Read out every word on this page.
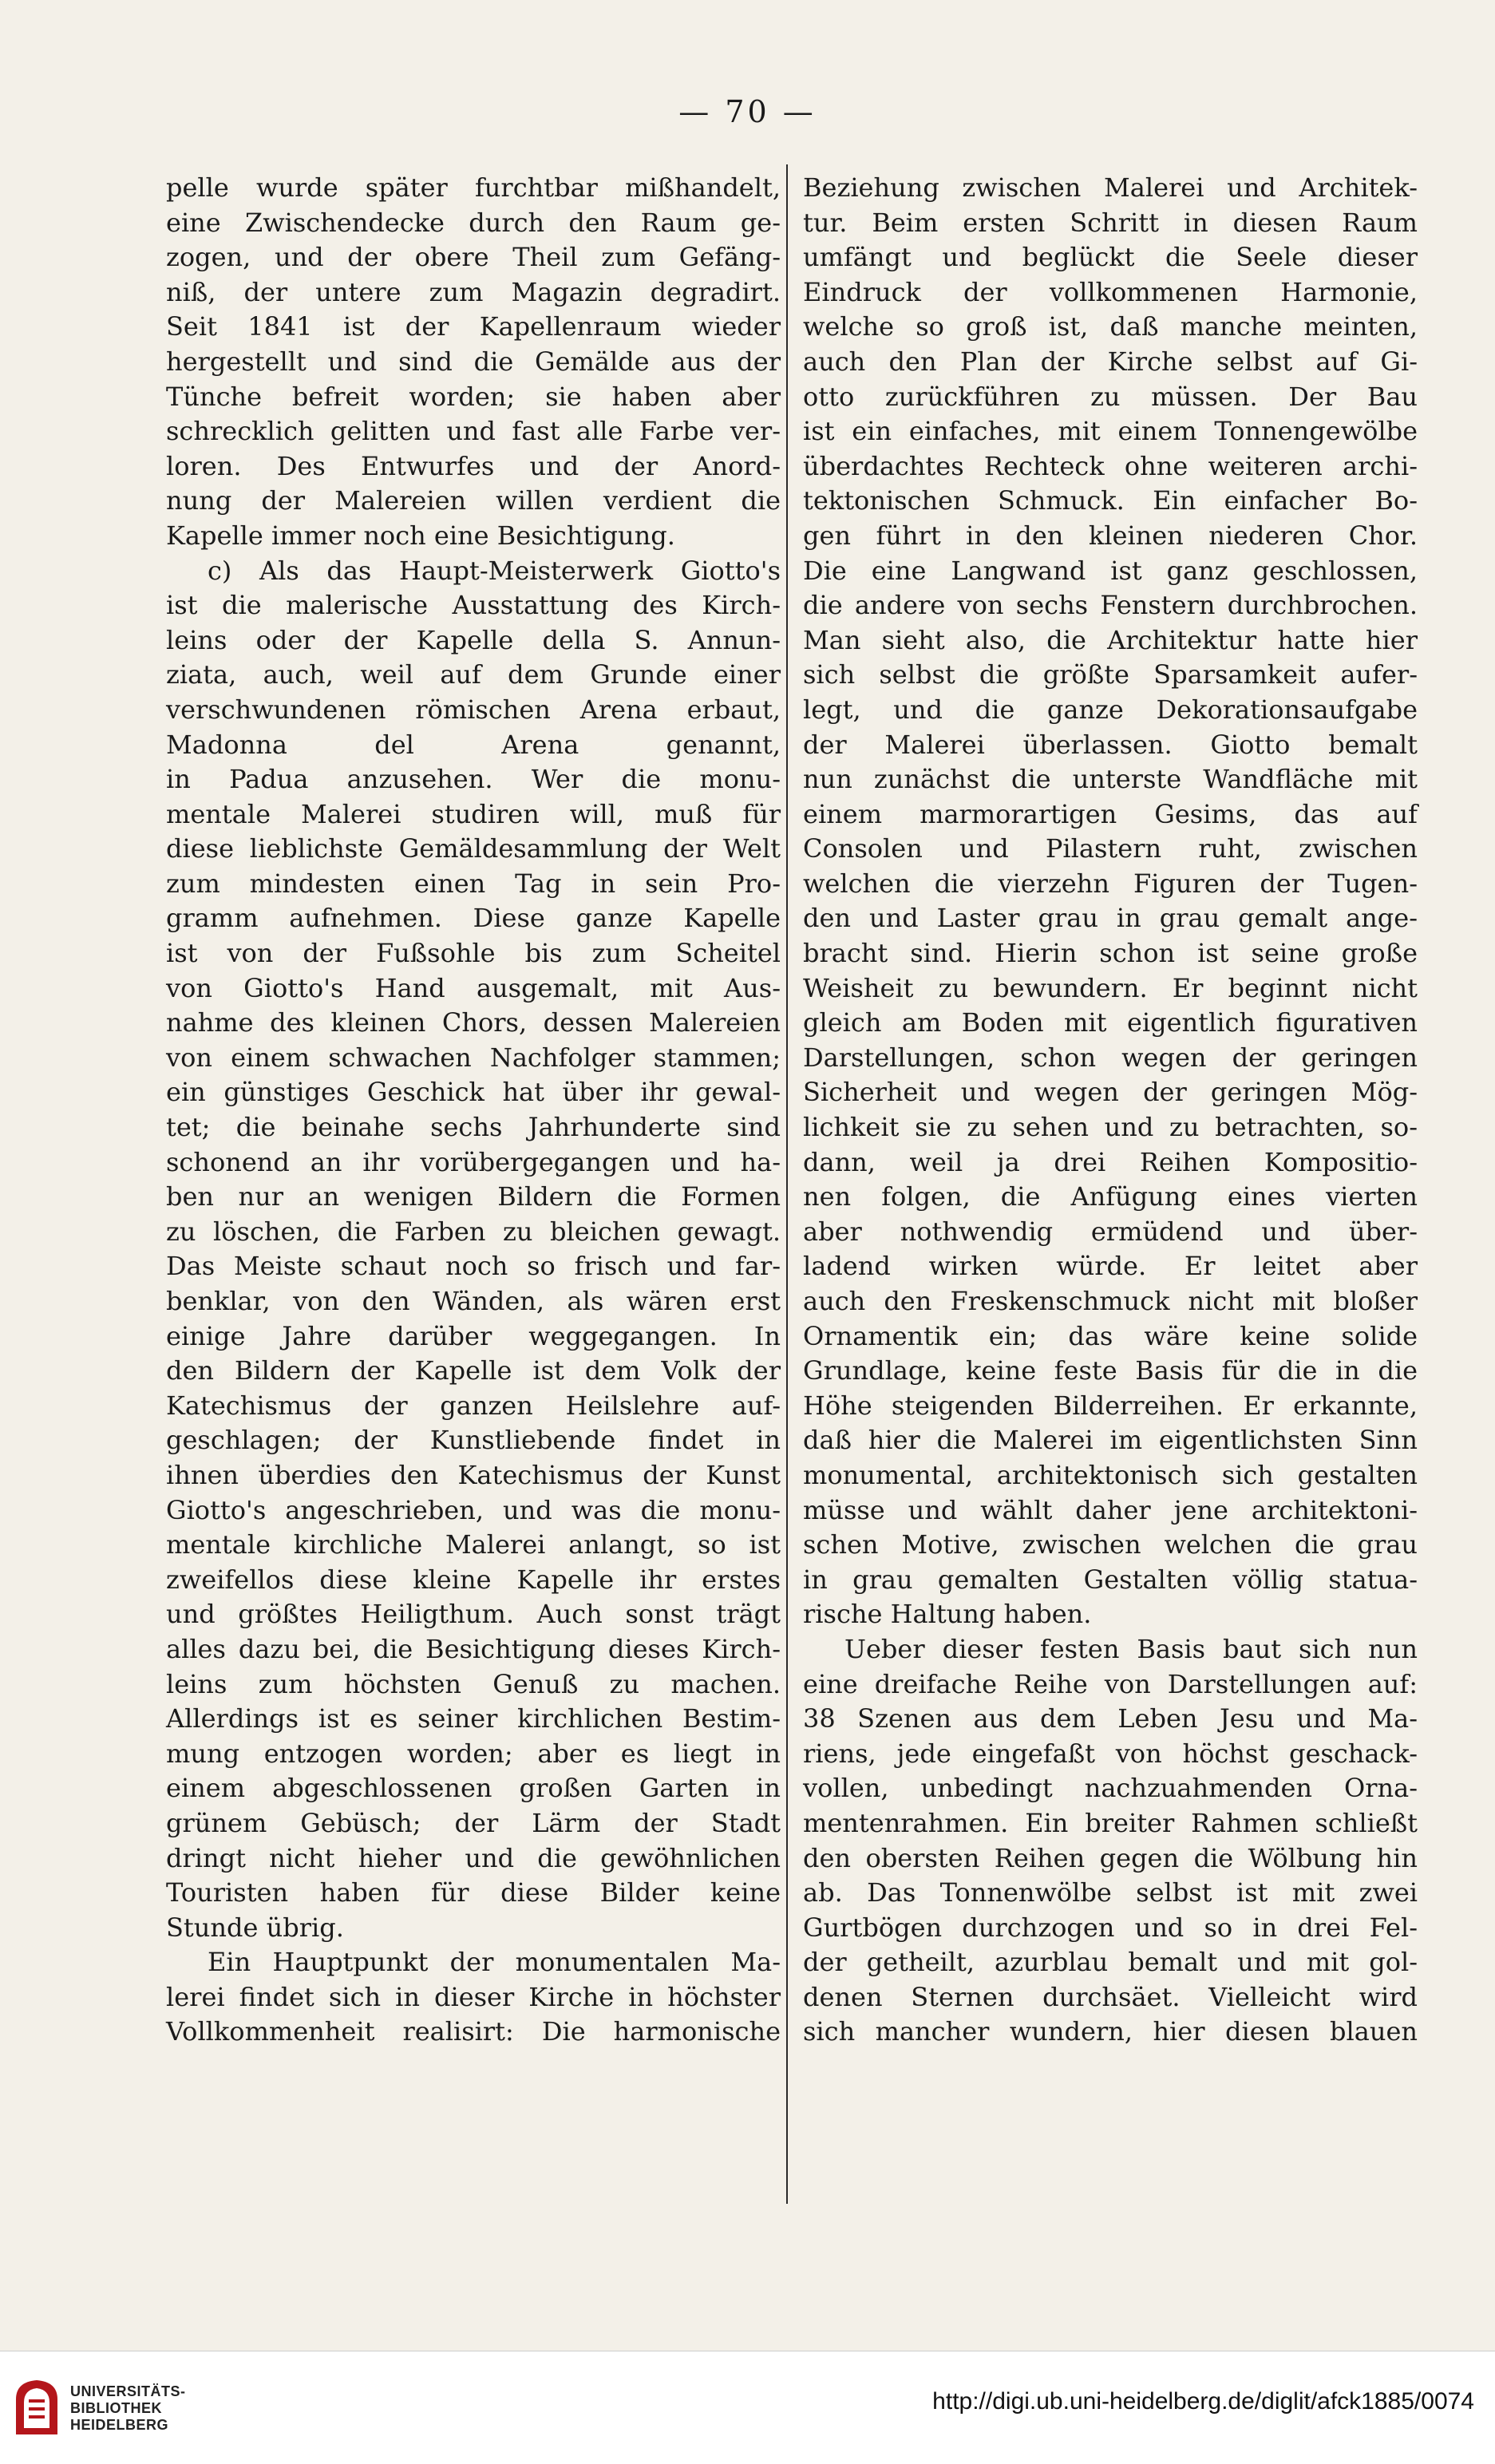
— 70 —
pelle wurde später furchtbar mißhandelt,
eine Zwischendecke durch den Raum ge-
zogen, und der obere Theil zum Gefäng-
niß, der untere zum Magazin degradirt.
Seit 1841 ist der Kapellenraum wieder
hergestellt und sind die Gemälde aus der
Tünche befreit worden; sie haben aber
schrecklich gelitten und fast alle Farbe ver-
loren. Des Entwurfes und der Anord-
nung der Malereien willen verdient die
Kapelle immer noch eine Besichtigung.
c) Als das Haupt-Meisterwerk Giotto's
ist die malerische Ausstattung des Kirch-
leins oder der Kapelle della S. Annun-
ziata, auch, weil auf dem Grunde einer
verschwundenen römischen Arena erbaut,
Madonna del Arena genannt,
in Padua anzusehen. Wer die monu-
mentale Malerei studiren will, muß für
diese lieblichste Gemäldesammlung der Welt
zum mindesten einen Tag in sein Pro-
gramm aufnehmen. Diese ganze Kapelle
ist von der Fußsohle bis zum Scheitel
von Giotto's Hand ausgemalt, mit Aus-
nahme des kleinen Chors, dessen Malereien
von einem schwachen Nachfolger stammen;
ein günstiges Geschick hat über ihr gewal-
tet; die beinahe sechs Jahrhunderte sind
schonend an ihr vorübergegangen und ha-
ben nur an wenigen Bildern die Formen
zu löschen, die Farben zu bleichen gewagt.
Das Meiste schaut noch so frisch und far-
benklar, von den Wänden, als wären erst
einige Jahre darüber weggegangen. In
den Bildern der Kapelle ist dem Volk der
Katechismus der ganzen Heilslehre auf-
geschlagen; der Kunstliebende findet in
ihnen überdies den Katechismus der Kunst
Giotto's angeschrieben, und was die monu-
mentale kirchliche Malerei anlangt, so ist
zweifellos diese kleine Kapelle ihr erstes
und größtes Heiligthum. Auch sonst trägt
alles dazu bei, die Besichtigung dieses Kirch-
leins zum höchsten Genuß zu machen.
Allerdings ist es seiner kirchlichen Bestim-
mung entzogen worden; aber es liegt in
einem abgeschlossenen großen Garten in
grünem Gebüsch; der Lärm der Stadt
dringt nicht hieher und die gewöhnlichen
Touristen haben für diese Bilder keine
Stunde übrig.
Ein Hauptpunkt der monumentalen Ma-
lerei findet sich in dieser Kirche in höchster
Vollkommenheit realisirt: Die harmonische
Beziehung zwischen Malerei und Architek-
tur. Beim ersten Schritt in diesen Raum
umfängt und beglückt die Seele dieser
Eindruck der vollkommenen Harmonie,
welche so groß ist, daß manche meinten,
auch den Plan der Kirche selbst auf Gi-
otto zurückführen zu müssen. Der Bau
ist ein einfaches, mit einem Tonnengewölbe
überdachtes Rechteck ohne weiteren archi-
tektonischen Schmuck. Ein einfacher Bo-
gen führt in den kleinen niederen Chor.
Die eine Langwand ist ganz geschlossen,
die andere von sechs Fenstern durchbrochen.
Man sieht also, die Architektur hatte hier
sich selbst die größte Sparsamkeit aufer-
legt, und die ganze Dekorationsaufgabe
der Malerei überlassen. Giotto bemalt
nun zunächst die unterste Wandfläche mit
einem marmorartigen Gesims, das auf
Consolen und Pilastern ruht, zwischen
welchen die vierzehn Figuren der Tugen-
den und Laster grau in grau gemalt ange-
bracht sind. Hierin schon ist seine große
Weisheit zu bewundern. Er beginnt nicht
gleich am Boden mit eigentlich figurativen
Darstellungen, schon wegen der geringen
Sicherheit und wegen der geringen Mög-
lichkeit sie zu sehen und zu betrachten, so-
dann, weil ja drei Reihen Kompositio-
nen folgen, die Anfügung eines vierten
aber nothwendig ermüdend und über-
ladend wirken würde. Er leitet aber
auch den Freskenschmuck nicht mit bloßer
Ornamentik ein; das wäre keine solide
Grundlage, keine feste Basis für die in die
Höhe steigenden Bilderreihen. Er erkannte,
daß hier die Malerei im eigentlichsten Sinn
monumental, architektonisch sich gestalten
müsse und wählt daher jene architektoni-
schen Motive, zwischen welchen die grau
in grau gemalten Gestalten völlig statua-
rische Haltung haben.
Ueber dieser festen Basis baut sich nun
eine dreifache Reihe von Darstellungen auf:
38 Szenen aus dem Leben Jesu und Ma-
riens, jede eingefaßt von höchst geschack-
vollen, unbedingt nachzuahmenden Orna-
mentenrahmen. Ein breiter Rahmen schließt
den obersten Reihen gegen die Wölbung hin
ab. Das Tonnenwölbe selbst ist mit zwei
Gurtbögen durchzogen und so in drei Fel-
der getheilt, azurblau bemalt und mit gol-
denen Sternen durchsäet. Vielleicht wird
sich mancher wundern, hier diesen blauen
UNIVERSITÄTS-
BIBLIOTHEK
HEIDELBERG
http://digi.ub.uni-heidelberg.de/diglit/afck1885/0074
